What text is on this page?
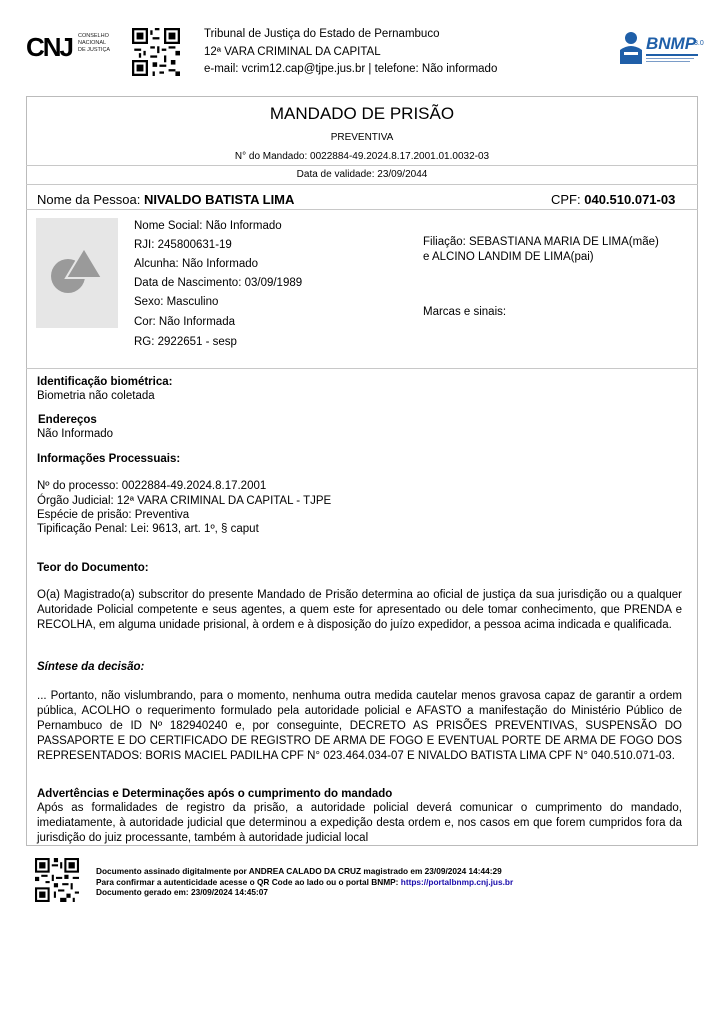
CNJ CONSELHO
NACIONAL
DE JUSTIÇA
Tribunal de Justiça do Estado de Pernambuco
12ª VARA CRIMINAL DA CAPITAL
e-mail: vcrim12.cap@tjpe.jus.br | telefone: Não informado
BNMP
3.0
MANDADO DE PRISÃO
PREVENTIVA
N° do Mandado: 0022884-49.2024.8.17.2001.01.0032-03
Data de validade: 23/09/2044
Nome da Pessoa: NIVALDO BATISTA LIMA	CPF: 040.510.071-03
Nome Social: Não Informado
RJI: 245800631-19
Alcunha: Não Informado
Data de Nascimento: 03/09/1989
Sexo: Masculino
Cor: Não Informada
RG: 2922651 - sesp
Filiação: SEBASTIANA MARIA DE LIMA(mãe)
e ALCINO LANDIM DE LIMA(pai)
Marcas e sinais:
Identificação biométrica:
Biometria não coletada
Endereços
Não Informado
Informações Processuais:
Nº do processo: 0022884-49.2024.8.17.2001
Órgão Judicial: 12ª VARA CRIMINAL DA CAPITAL - TJPE
Espécie de prisão: Preventiva
Tipificação Penal: Lei: 9613, art. 1º, § caput
Teor do Documento:
O(a) Magistrado(a) subscritor do presente Mandado de Prisão determina ao oficial de justiça da sua jurisdição ou a qualquer Autoridade Policial competente e seus agentes, a quem este for apresentado ou dele tomar conhecimento, que PRENDA e RECOLHA, em alguma unidade prisional, à ordem e à disposição do juízo expedidor, a pessoa acima indicada e qualificada.
Síntese da decisão:
... Portanto, não vislumbrando, para o momento, nenhuma outra medida cautelar menos gravosa capaz de garantir a ordem pública, ACOLHO o requerimento formulado pela autoridade policial e AFASTO a manifestação do Ministério Público de Pernambuco de ID Nº 182940240 e, por conseguinte, DECRETO AS PRISÕES PREVENTIVAS, SUSPENSÃO DO PASSAPORTE E DO CERTIFICADO DE REGISTRO DE ARMA DE FOGO E EVENTUAL PORTE DE ARMA DE FOGO DOS REPRESENTADOS: BORIS MACIEL PADILHA CPF N° 023.464.034-07 E NIVALDO BATISTA LIMA CPF N° 040.510.071-03.
Advertências e Determinações após o cumprimento do mandado
Após as formalidades de registro da prisão, a autoridade policial deverá comunicar o cumprimento do mandado, imediatamente, à autoridade judicial que determinou a expedição desta ordem e, nos casos em que forem cumpridos fora da jurisdição do juiz processante, também à autoridade judicial local
Documento assinado digitalmente por ANDREA CALADO DA CRUZ magistrado em 23/09/2024 14:44:29
Para confirmar a autenticidade acesse o QR Code ao lado ou o portal BNMP: https://portalbnmp.cnj.jus.br
Documento gerado em: 23/09/2024 14:45:07
